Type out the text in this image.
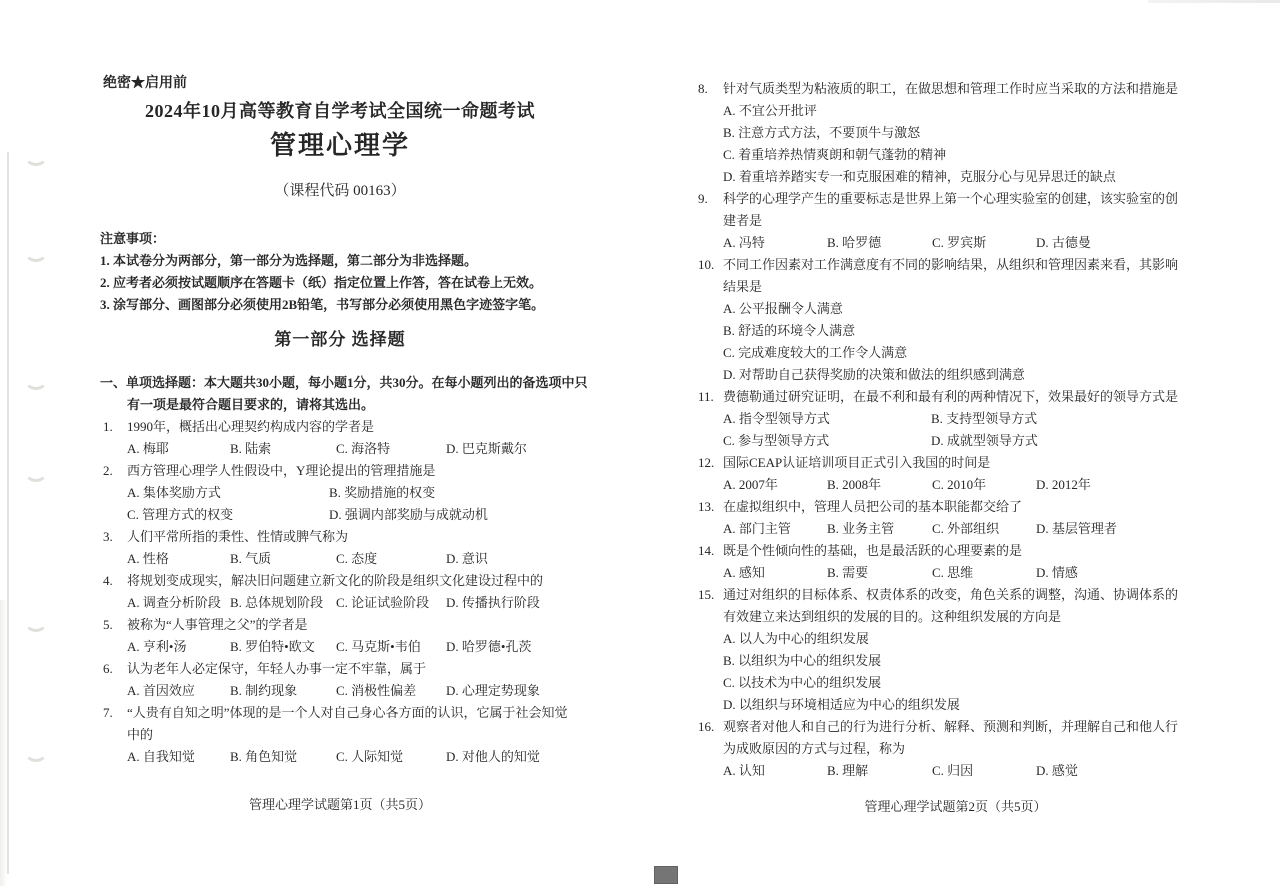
绝密★启用前
2024年10月高等教育自学考试全国统一命题考试
管理心理学
（课程代码 00163）
注意事项：
1. 本试卷分为两部分，第一部分为选择题，第二部分为非选择题。
2. 应考者必须按试题顺序在答题卡（纸）指定位置上作答，答在试卷上无效。
3. 涂写部分、画图部分必须使用2B铅笔，书写部分必须使用黑色字迹签字笔。
第一部分 选择题
一、单项选择题：本大题共30小题，每小题1分，共30分。在每小题列出的备选项中只
有一项是最符合题目要求的，请将其选出。
1.	1990年，概括出心理契约构成内容的学者是
A. 梅耶	B. 陆索	C. 海洛特	D. 巴克斯戴尔
2.	西方管理心理学人性假设中，Y理论提出的管理措施是
A. 集体奖励方式	B. 奖励措施的权变
C. 管理方式的权变	D. 强调内部奖励与成就动机
3.	人们平常所指的秉性、性情或脾气称为
A. 性格	B. 气质	C. 态度	D. 意识
4.	将规划变成现实，解决旧问题建立新文化的阶段是组织文化建设过程中的
A. 调查分析阶段 B. 总体规划阶段 C. 论证试验阶段	D. 传播执行阶段
5.	被称为“人事管理之父”的学者是
A. 亨利•汤	B. 罗伯特•欧文	C. 马克斯•韦伯	D. 哈罗德•孔茨
6.	认为老年人必定保守，年轻人办事一定不牢靠，属于
A. 首因效应	B. 制约现象	C. 消极性偏差	D. 心理定势现象
7.	“人贵有自知之明”体现的是一个人对自己身心各方面的认识，它属于社会知觉
中的
A. 自我知觉	B. 角色知觉	C. 人际知觉	D. 对他人的知觉
管理心理学试题第1页（共5页）
8.	针对气质类型为粘液质的职工，在做思想和管理工作时应当采取的方法和措施是
A. 不宜公开批评
B. 注意方式方法，不要顶牛与激怒
C. 着重培养热情爽朗和朝气蓬勃的精神
D. 着重培养踏实专一和克服困难的精神，克服分心与见异思迁的缺点
9.	科学的心理学产生的重要标志是世界上第一个心理实验室的创建，该实验室的创
建者是
A. 冯特	B. 哈罗德	C. 罗宾斯	D. 古德曼
10. 不同工作因素对工作满意度有不同的影响结果，从组织和管理因素来看，其影响
结果是
A. 公平报酬令人满意
B. 舒适的环境令人满意
C. 完成难度较大的工作令人满意
D. 对帮助自己获得奖励的决策和做法的组织感到满意
11. 费德勒通过研究证明，在最不利和最有利的两种情况下，效果最好的领导方式是
A. 指令型领导方式	B. 支持型领导方式
C. 参与型领导方式	D. 成就型领导方式
12. 国际CEAP认证培训项目正式引入我国的时间是
A. 2007年	B. 2008年	C. 2010年	D. 2012年
13. 在虚拟组织中，管理人员把公司的基本职能都交给了
A. 部门主管	B. 业务主管	C. 外部组织	D. 基层管理者
14. 既是个性倾向性的基础，也是最活跃的心理要素的是
A. 感知	B. 需要	C. 思维	D. 情感
15. 通过对组织的目标体系、权责体系的改变，角色关系的调整，沟通、协调体系的
有效建立来达到组织的发展的目的。这种组织发展的方向是
A. 以人为中心的组织发展
B. 以组织为中心的组织发展
C. 以技术为中心的组织发展
D. 以组织与环境相适应为中心的组织发展
16. 观察者对他人和自己的行为进行分析、解释、预测和判断，并理解自己和他人行
为成败原因的方式与过程，称为
A. 认知	B. 理解	C. 归因	D. 感觉
管理心理学试题第2页（共5页）
